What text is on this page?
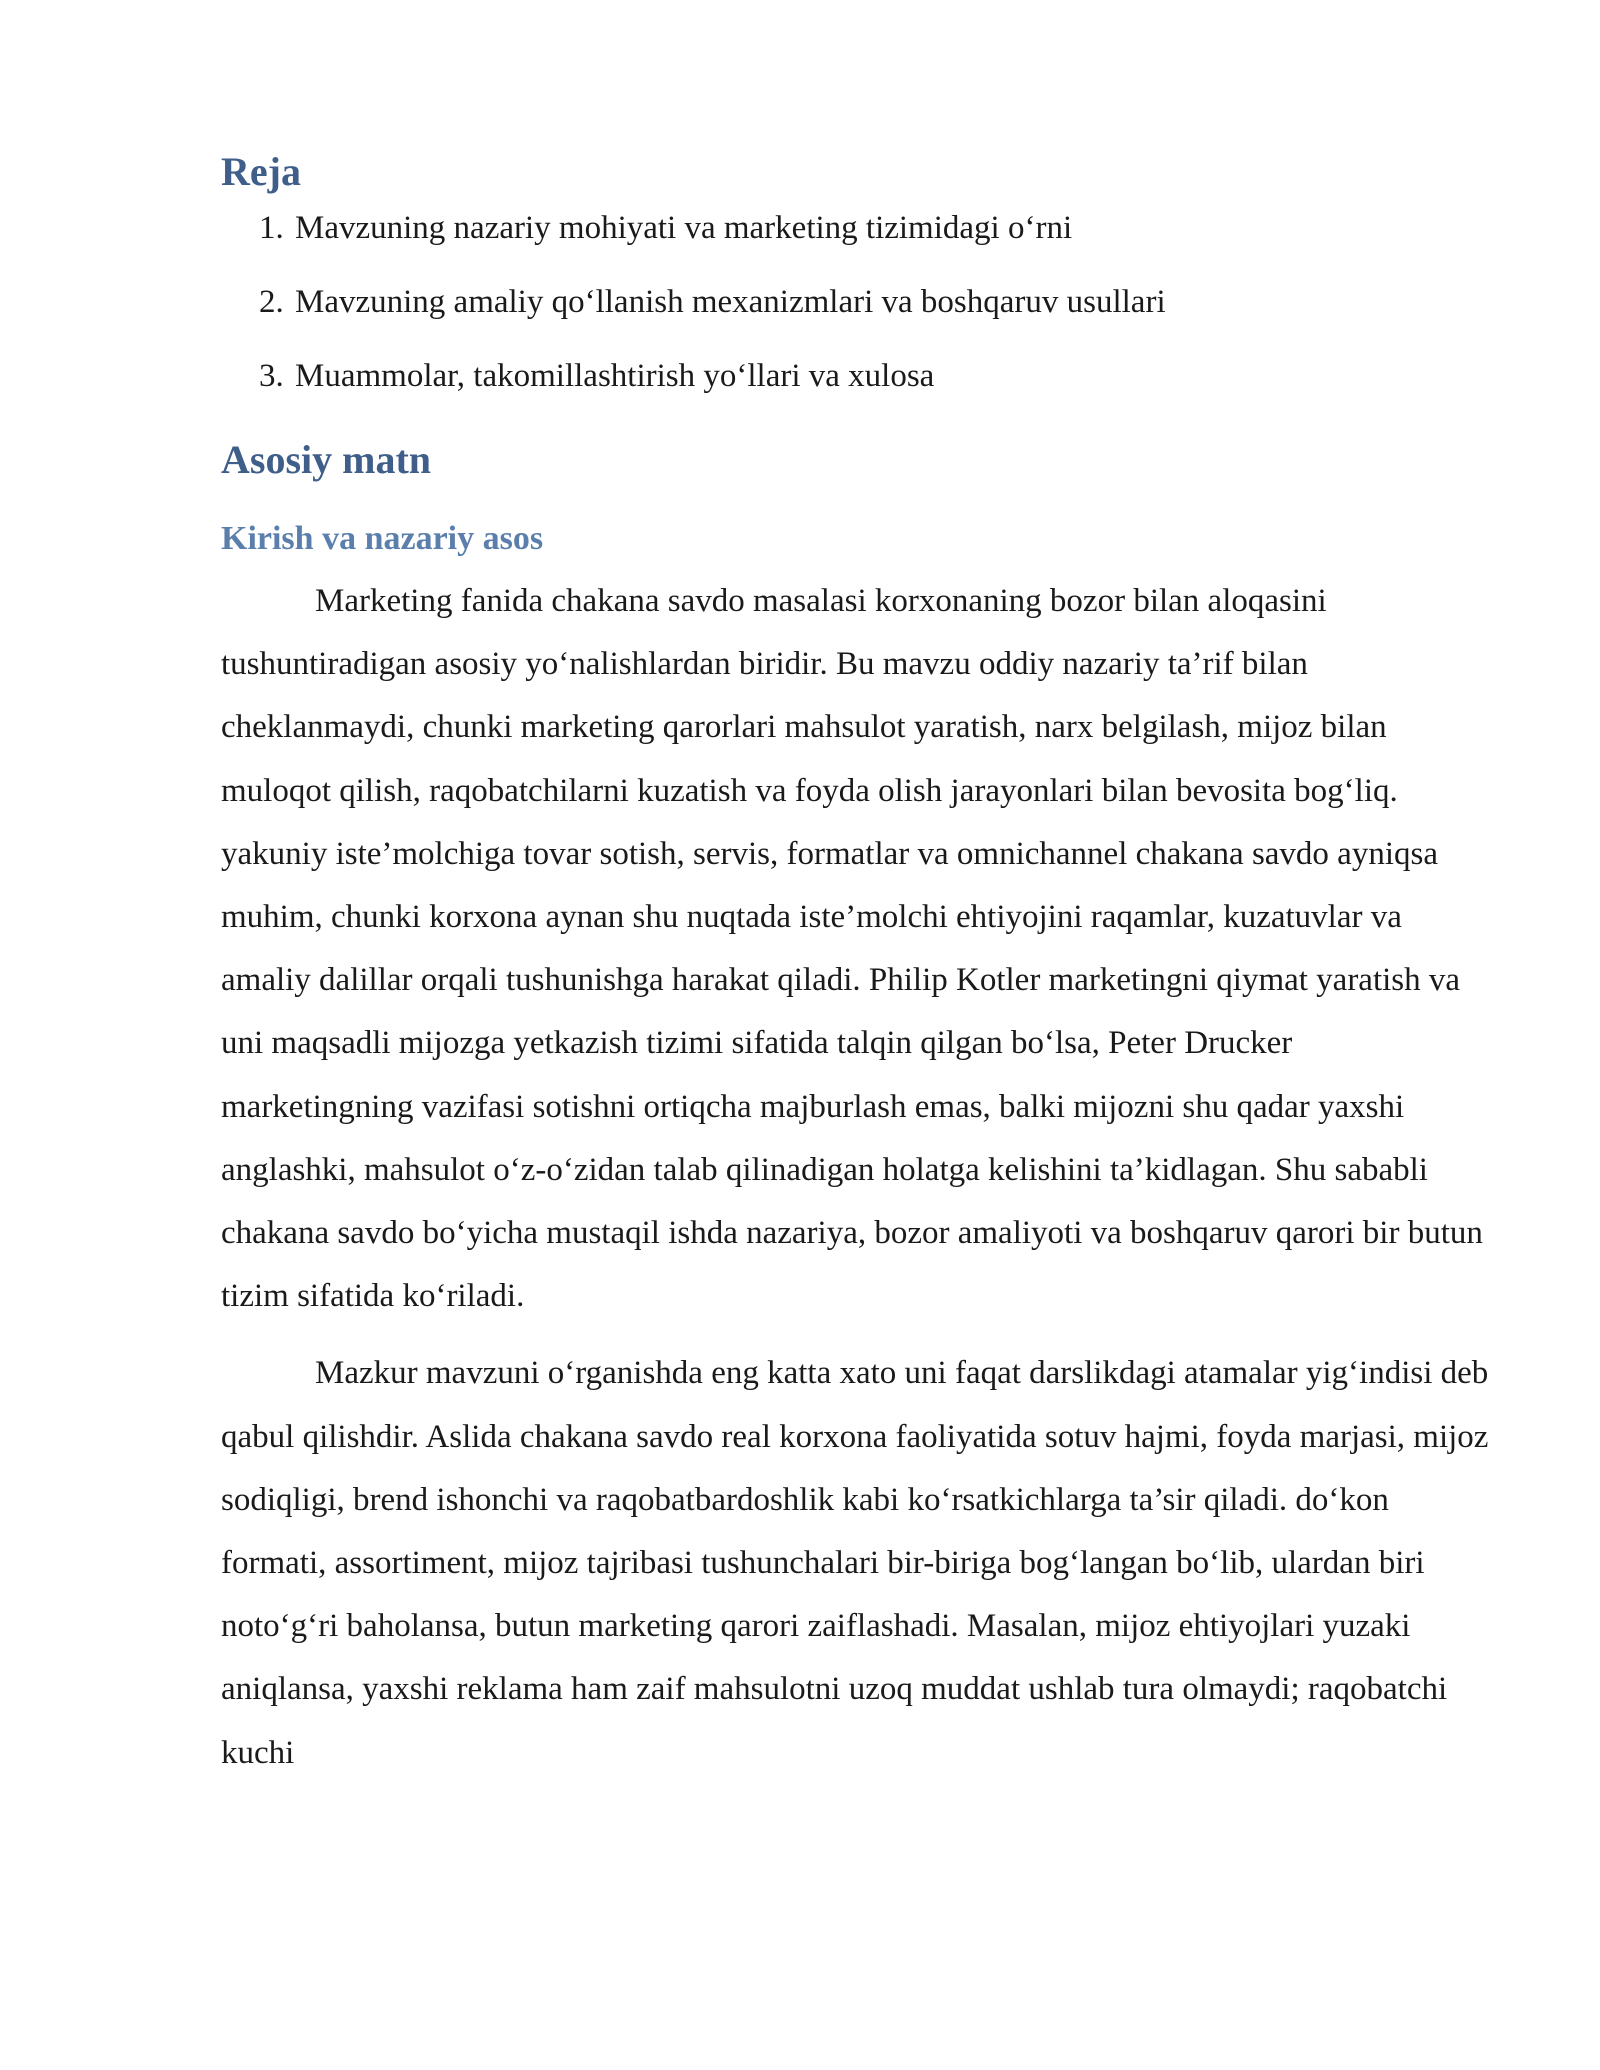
Reja
1. Mavzuning nazariy mohiyati va marketing tizimidagi o‘rni
2. Mavzuning amaliy qo‘llanish mexanizmlari va boshqaruv usullari
3. Muammolar, takomillashtirish yo‘llari va xulosa
Asosiy matn
Kirish va nazariy asos

Marketing fanida chakana savdo masalasi korxonaning bozor bilan aloqasini tushuntiradigan asosiy yo‘nalishlardan biridir. Bu mavzu oddiy nazariy ta’rif bilan cheklanmaydi, chunki marketing qarorlari mahsulot yaratish, narx belgilash, mijoz bilan muloqot qilish, raqobatchilarni kuzatish va foyda olish jarayonlari bilan bevosita bog‘liq. yakuniy iste’molchiga tovar sotish, servis, formatlar va omnichannel chakana savdo ayniqsa muhim, chunki korxona aynan shu nuqtada iste’molchi ehtiyojini raqamlar, kuzatuvlar va amaliy dalillar orqali tushunishga harakat qiladi. Philip Kotler marketingni qiymat yaratish va uni maqsadli mijozga yetkazish tizimi sifatida talqin qilgan bo‘lsa, Peter Drucker marketingning vazifasi sotishni ortiqcha majburlash emas, balki mijozni shu qadar yaxshi anglashki, mahsulot o‘z-o‘zidan talab qilinadigan holatga kelishini ta’kidlagan. Shu sababli chakana savdo bo‘yicha mustaqil ishda nazariya, bozor amaliyoti va boshqaruv qarori bir butun tizim sifatida ko‘riladi.

Mazkur mavzuni o‘rganishda eng katta xato uni faqat darslikdagi atamalar yig‘indisi deb qabul qilishdir. Aslida chakana savdo real korxona faoliyatida sotuv hajmi, foyda marjasi, mijoz sodiqligi, brend ishonchi va raqobatbardoshlik kabi ko‘rsatkichlarga ta’sir qiladi. do‘kon formati, assortiment, mijoz tajribasi tushunchalari bir-biriga bog‘langan bo‘lib, ulardan biri noto‘g‘ri baholansa, butun marketing qarori zaiflashadi. Masalan, mijoz ehtiyojlari yuzaki aniqlansa, yaxshi reklama ham zaif mahsulotni uzoq muddat ushlab tura olmaydi; raqobatchi kuchi
